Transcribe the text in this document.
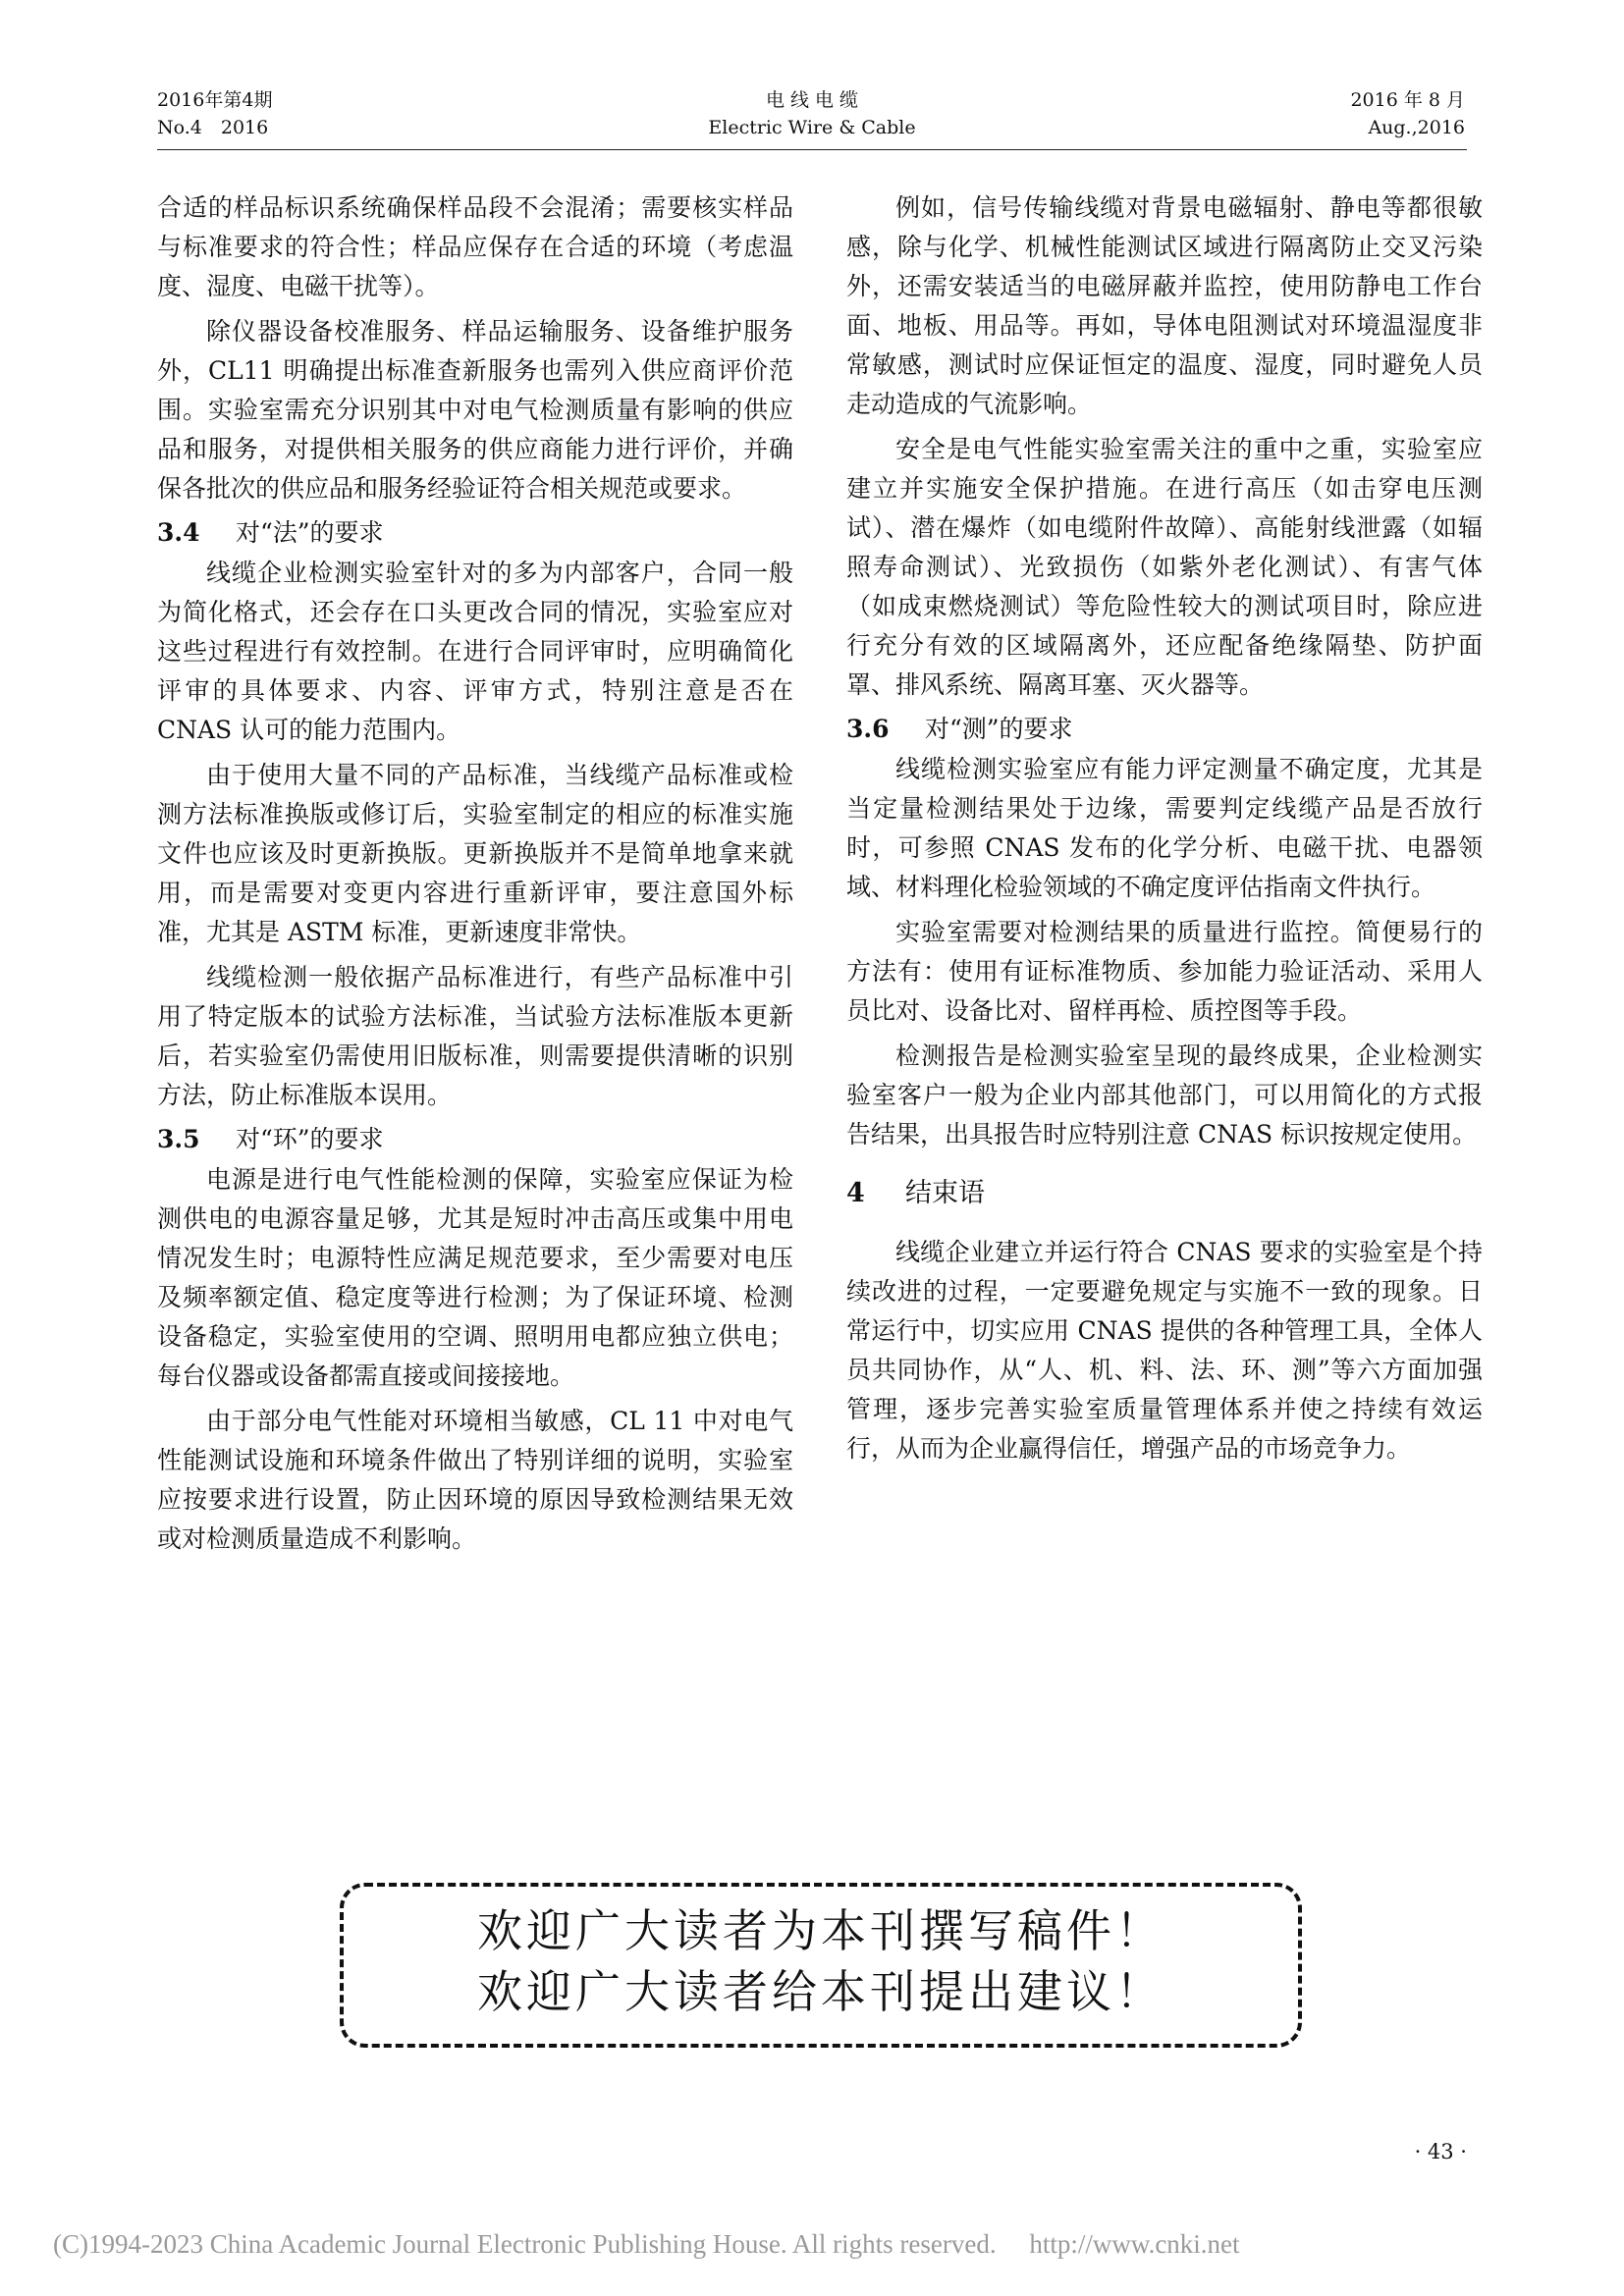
2016年第4期
No.4　2016
电 线 电 缆
Electric Wire & Cable
2016 年 8 月
Aug.,2016

合适的样品标识系统确保样品段不会混淆；需要核实样品与标准要求的符合性；样品应保存在合适的环境（考虑温度、湿度、电磁干扰等）。

除仪器设备校准服务、样品运输服务、设备维护服务外，CL11 明确提出标准查新服务也需列入供应商评价范围。实验室需充分识别其中对电气检测质量有影响的供应品和服务，对提供相关服务的供应商能力进行评价，并确保各批次的供应品和服务经验证符合相关规范或要求。

3.4 对“法”的要求

线缆企业检测实验室针对的多为内部客户，合同一般为简化格式，还会存在口头更改合同的情况，实验室应对这些过程进行有效控制。在进行合同评审时，应明确简化评审的具体要求、内容、评审方式，特别注意是否在 CNAS 认可的能力范围内。

由于使用大量不同的产品标准，当线缆产品标准或检测方法标准换版或修订后，实验室制定的相应的标准实施文件也应该及时更新换版。更新换版并不是简单地拿来就用，而是需要对变更内容进行重新评审，要注意国外标准，尤其是 ASTM 标准，更新速度非常快。

线缆检测一般依据产品标准进行，有些产品标准中引用了特定版本的试验方法标准，当试验方法标准版本更新后，若实验室仍需使用旧版标准，则需要提供清晰的识别方法，防止标准版本误用。

3.5 对“环”的要求

电源是进行电气性能检测的保障，实验室应保证为检测供电的电源容量足够，尤其是短时冲击高压或集中用电情况发生时；电源特性应满足规范要求，至少需要对电压及频率额定值、稳定度等进行检测；为了保证环境、检测设备稳定，实验室使用的空调、照明用电都应独立供电；每台仪器或设备都需直接或间接接地。

由于部分电气性能对环境相当敏感，CL 11 中对电气性能测试设施和环境条件做出了特别详细的说明，实验室应按要求进行设置，防止因环境的原因导致检测结果无效或对检测质量造成不利影响。

例如，信号传输线缆对背景电磁辐射、静电等都很敏感，除与化学、机械性能测试区域进行隔离防止交叉污染外，还需安装适当的电磁屏蔽并监控，使用防静电工作台面、地板、用品等。再如，导体电阻测试对环境温湿度非常敏感，测试时应保证恒定的温度、湿度，同时避免人员走动造成的气流影响。

安全是电气性能实验室需关注的重中之重，实验室应建立并实施安全保护措施。在进行高压（如击穿电压测试）、潜在爆炸（如电缆附件故障）、高能射线泄露（如辐照寿命测试）、光致损伤（如紫外老化测试）、有害气体（如成束燃烧测试）等危险性较大的测试项目时，除应进行充分有效的区域隔离外，还应配备绝缘隔垫、防护面罩、排风系统、隔离耳塞、灭火器等。

3.6 对“测”的要求

线缆检测实验室应有能力评定测量不确定度，尤其是当定量检测结果处于边缘，需要判定线缆产品是否放行时，可参照 CNAS 发布的化学分析、电磁干扰、电器领域、材料理化检验领域的不确定度评估指南文件执行。

实验室需要对检测结果的质量进行监控。简便易行的方法有：使用有证标准物质、参加能力验证活动、采用人员比对、设备比对、留样再检、质控图等手段。

检测报告是检测实验室呈现的最终成果，企业检测实验室客户一般为企业内部其他部门，可以用简化的方式报告结果，出具报告时应特别注意 CNAS 标识按规定使用。

4 结束语

线缆企业建立并运行符合 CNAS 要求的实验室是个持续改进的过程，一定要避免规定与实施不一致的现象。日常运行中，切实应用 CNAS 提供的各种管理工具，全体人员共同协作，从“人、机、料、法、环、测”等六方面加强管理，逐步完善实验室质量管理体系并使之持续有效运行，从而为企业赢得信任，增强产品的市场竞争力。

欢迎广大读者为本刊撰写稿件！
欢迎广大读者给本刊提出建议！
· 43 ·
(C)1994-2023 China Academic Journal Electronic Publishing House. All rights reserved.　 http://www.cnki.net
